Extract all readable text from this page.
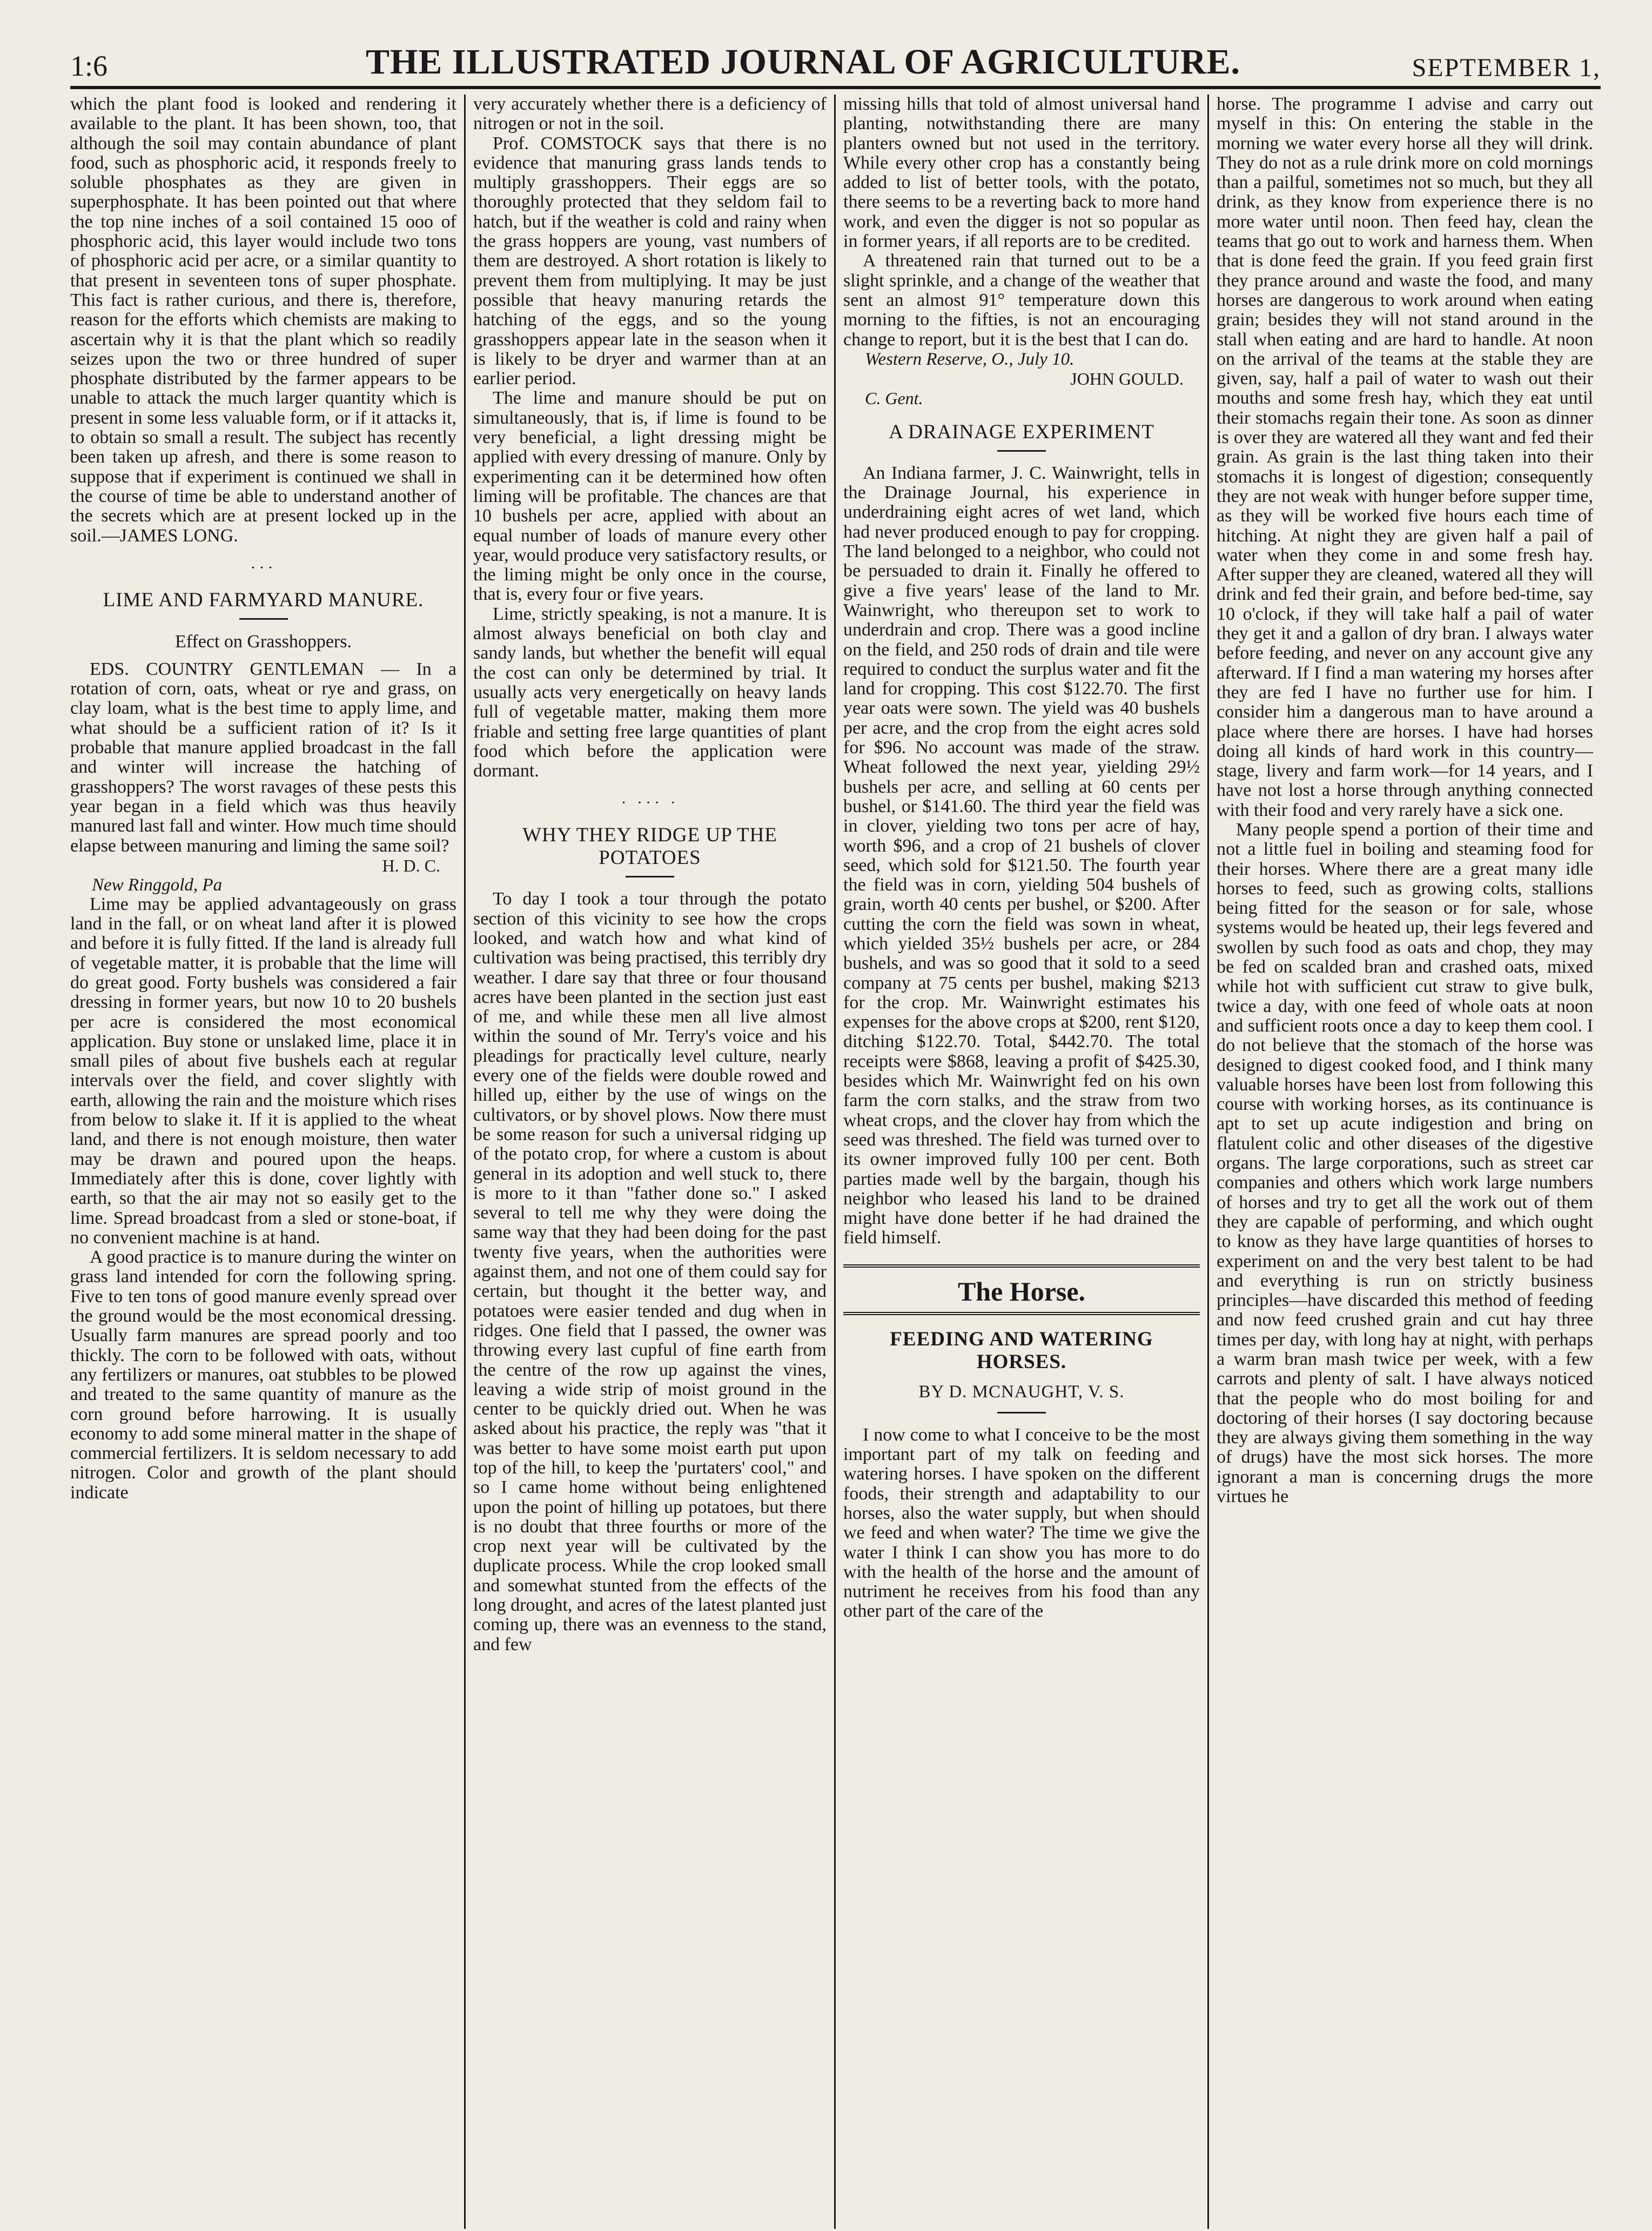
1:6	THE ILLUSTRATED JOURNAL OF AGRICULTURE.	SEPTEMBER 1,

which the plant food is looked and rendering it available to the plant. It has been shown, too, that although the soil may contain abundance of plant food, such as phosphoric acid, it responds freely to soluble phosphates as they are given in superphosphate. It has been pointed out that where the top nine inches of a soil contained 15 ooo of phosphoric acid, this layer would include two tons of phosphoric acid per acre, or a similar quantity to that present in seventeen tons of super phosphate. This fact is rather curious, and there is, therefore, reason for the efforts which chemists are making to ascertain why it is that the plant which so readily seizes upon the two or three hundred of super phosphate distributed by the farmer appears to be unable to attack the much larger quantity which is present in some less valuable form, or if it attacks it, to obtain so small a result. The subject has recently been taken up afresh, and there is some reason to suppose that if experiment is continued we shall in the course of time be able to understand another of the secrets which are at present locked up in the soil.—JAMES LONG.

···
LIME AND FARMYARD MANURE.
Effect on Grasshoppers.

EDS. COUNTRY GENTLEMAN — In a rotation of corn, oats, wheat or rye and grass, on clay loam, what is the best time to apply lime, and what should be a sufficient ration of it? Is it probable that manure applied broadcast in the fall and winter will increase the hatching of grasshoppers? The worst ravages of these pests this year began in a field which was thus heavily manured last fall and winter. How much time should elapse between manuring and liming the same soil?

H. D. C.
New Ringgold, Pa

Lime may be applied advantageously on grass land in the fall, or on wheat land after it is plowed and before it is fully fitted. If the land is already full of vegetable matter, it is probable that the lime will do great good. Forty bushels was considered a fair dressing in former years, but now 10 to 20 bushels per acre is considered the most economical application. Buy stone or unslaked lime, place it in small piles of about five bushels each at regular intervals over the field, and cover slightly with earth, allowing the rain and the moisture which rises from below to slake it. If it is applied to the wheat land, and there is not enough moisture, then water may be drawn and poured upon the heaps. Immediately after this is done, cover lightly with earth, so that the air may not so easily get to the lime. Spread broadcast from a sled or stone-boat, if no convenient machine is at hand.

A good practice is to manure during the winter on grass land intended for corn the following spring. Five to ten tons of good manure evenly spread over the ground would be the most economical dressing. Usually farm manures are spread poorly and too thickly. The corn to be followed with oats, without any fertilizers or manures, oat stubbles to be plowed and treated to the same quantity of manure as the corn ground before harrowing. It is usually economy to add some mineral matter in the shape of commercial fertilizers. It is seldom necessary to add nitrogen. Color and growth of the plant should indicate

very accurately whether there is a deficiency of nitrogen or not in the soil.

Prof. COMSTOCK says that there is no evidence that manuring grass lands tends to multiply grasshoppers. Their eggs are so thoroughly protected that they seldom fail to hatch, but if the weather is cold and rainy when the grass hoppers are young, vast numbers of them are destroyed. A short rotation is likely to prevent them from multiplying. It may be just possible that heavy manuring retards the hatching of the eggs, and so the young grasshoppers appear late in the season when it is likely to be dryer and warmer than at an earlier period.

The lime and manure should be put on simultaneously, that is, if lime is found to be very beneficial, a light dressing might be applied with every dressing of manure. Only by experimenting can it be determined how often liming will be profitable. The chances are that 10 bushels per acre, applied with about an equal number of loads of manure every other year, would produce very satisfactory results, or the liming might be only once in the course, that is, every four or five years.

Lime, strictly speaking, is not a manure. It is almost always beneficial on both clay and sandy lands, but whether the benefit will equal the cost can only be determined by trial. It usually acts very energetically on heavy lands full of vegetable matter, making them more friable and setting free large quantities of plant food which before the application were dormant.

· ··· ·
WHY THEY RIDGE UP THE POTATOES

To day I took a tour through the potato section of this vicinity to see how the crops looked, and watch how and what kind of cultivation was being practised, this terribly dry weather. I dare say that three or four thousand acres have been planted in the section just east of me, and while these men all live almost within the sound of Mr. Terry's voice and his pleadings for practically level culture, nearly every one of the fields were double rowed and hilled up, either by the use of wings on the cultivators, or by shovel plows. Now there must be some reason for such a universal ridging up of the potato crop, for where a custom is about general in its adoption and well stuck to, there is more to it than "father done so." I asked several to tell me why they were doing the same way that they had been doing for the past twenty five years, when the authorities were against them, and not one of them could say for certain, but thought it the better way, and potatoes were easier tended and dug when in ridges. One field that I passed, the owner was throwing every last cupful of fine earth from the centre of the row up against the vines, leaving a wide strip of moist ground in the center to be quickly dried out. When he was asked about his practice, the reply was "that it was better to have some moist earth put upon top of the hill, to keep the 'purtaters' cool," and so I came home without being enlightened upon the point of hilling up potatoes, but there is no doubt that three fourths or more of the crop next year will be cultivated by the duplicate process. While the crop looked small and somewhat stunted from the effects of the long drought, and acres of the latest planted just coming up, there was an evenness to the stand, and few

missing hills that told of almost universal hand planting, notwithstanding there are many planters owned but not used in the territory. While every other crop has a constantly being added to list of better tools, with the potato, there seems to be a reverting back to more hand work, and even the digger is not so popular as in former years, if all reports are to be credited.

A threatened rain that turned out to be a slight sprinkle, and a change of the weather that sent an almost 91° temperature down this morning to the fifties, is not an encouraging change to report, but it is the best that I can do.

Western Reserve, O., July 10.
JOHN GOULD.
C. Gent.
A DRAINAGE EXPERIMENT

An Indiana farmer, J. C. Wainwright, tells in the Drainage Journal, his experience in underdraining eight acres of wet land, which had never produced enough to pay for cropping. The land belonged to a neighbor, who could not be persuaded to drain it. Finally he offered to give a five years' lease of the land to Mr. Wainwright, who thereupon set to work to underdrain and crop. There was a good incline on the field, and 250 rods of drain and tile were required to conduct the surplus water and fit the land for cropping. This cost $122.70. The first year oats were sown. The yield was 40 bushels per acre, and the crop from the eight acres sold for $96. No account was made of the straw. Wheat followed the next year, yielding 29½ bushels per acre, and selling at 60 cents per bushel, or $141.60. The third year the field was in clover, yielding two tons per acre of hay, worth $96, and a crop of 21 bushels of clover seed, which sold for $121.50. The fourth year the field was in corn, yielding 504 bushels of grain, worth 40 cents per bushel, or $200. After cutting the corn the field was sown in wheat, which yielded 35½ bushels per acre, or 284 bushels, and was so good that it sold to a seed company at 75 cents per bushel, making $213 for the crop. Mr. Wainwright estimates his expenses for the above crops at $200, rent $120, ditching $122.70. Total, $442.70. The total receipts were $868, leaving a profit of $425.30, besides which Mr. Wainwright fed on his own farm the corn stalks, and the straw from two wheat crops, and the clover hay from which the seed was threshed. The field was turned over to its owner improved fully 100 per cent. Both parties made well by the bargain, though his neighbor who leased his land to be drained might have done better if he had drained the field himself.

The Horse.
FEEDING AND WATERING HORSES.
BY D. MCNAUGHT, V. S.

I now come to what I conceive to be the most important part of my talk on feeding and watering horses. I have spoken on the different foods, their strength and adaptability to our horses, also the water supply, but when should we feed and when water? The time we give the water I think I can show you has more to do with the health of the horse and the amount of nutriment he receives from his food than any other part of the care of the

horse. The programme I advise and carry out myself in this: On entering the stable in the morning we water every horse all they will drink. They do not as a rule drink more on cold mornings than a pailful, sometimes not so much, but they all drink, as they know from experience there is no more water until noon. Then feed hay, clean the teams that go out to work and harness them. When that is done feed the grain. If you feed grain first they prance around and waste the food, and many horses are dangerous to work around when eating grain; besides they will not stand around in the stall when eating and are hard to handle. At noon on the arrival of the teams at the stable they are given, say, half a pail of water to wash out their mouths and some fresh hay, which they eat until their stomachs regain their tone. As soon as dinner is over they are watered all they want and fed their grain. As grain is the last thing taken into their stomachs it is longest of digestion; consequently they are not weak with hunger before supper time, as they will be worked five hours each time of hitching. At night they are given half a pail of water when they come in and some fresh hay. After supper they are cleaned, watered all they will drink and fed their grain, and before bed-time, say 10 o'clock, if they will take half a pail of water they get it and a gallon of dry bran. I always water before feeding, and never on any account give any afterward. If I find a man watering my horses after they are fed I have no further use for him. I consider him a dangerous man to have around a place where there are horses. I have had horses doing all kinds of hard work in this country—stage, livery and farm work—for 14 years, and I have not lost a horse through anything connected with their food and very rarely have a sick one.

Many people spend a portion of their time and not a little fuel in boiling and steaming food for their horses. Where there are a great many idle horses to feed, such as growing colts, stallions being fitted for the season or for sale, whose systems would be heated up, their legs fevered and swollen by such food as oats and chop, they may be fed on scalded bran and crashed oats, mixed while hot with sufficient cut straw to give bulk, twice a day, with one feed of whole oats at noon and sufficient roots once a day to keep them cool. I do not believe that the stomach of the horse was designed to digest cooked food, and I think many valuable horses have been lost from following this course with working horses, as its continuance is apt to set up acute indigestion and bring on flatulent colic and other diseases of the digestive organs. The large corporations, such as street car companies and others which work large numbers of horses and try to get all the work out of them they are capable of performing, and which ought to know as they have large quantities of horses to experiment on and the very best talent to be had and everything is run on strictly business principles—have discarded this method of feeding and now feed crushed grain and cut hay three times per day, with long hay at night, with perhaps a warm bran mash twice per week, with a few carrots and plenty of salt. I have always noticed that the people who do most boiling for and doctoring of their horses (I say doctoring because they are always giving them something in the way of drugs) have the most sick horses. The more ignorant a man is concerning drugs the more virtues he
